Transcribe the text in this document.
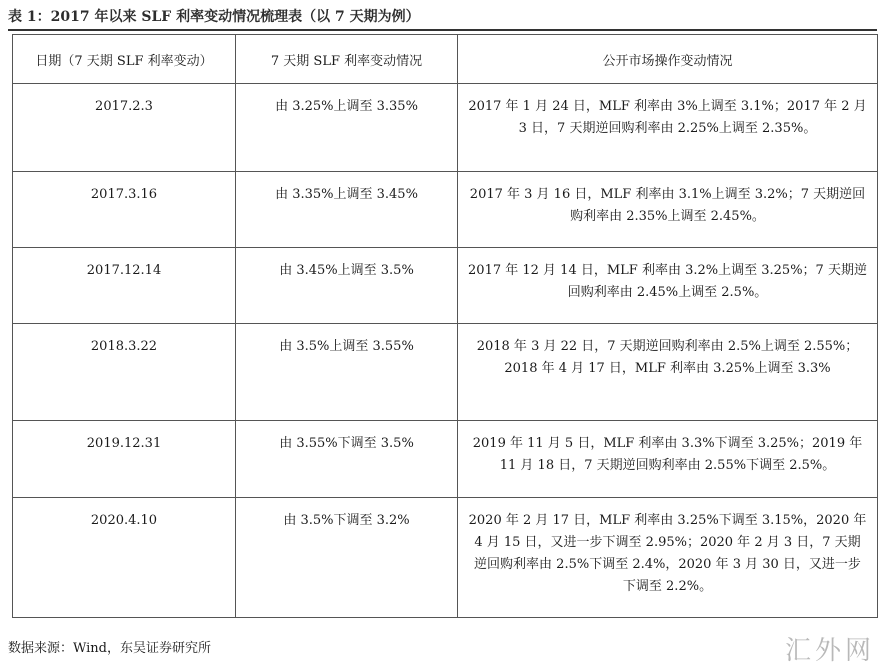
表 1：2017 年以来 SLF 利率变动情况梳理表（以 7 天期为例）
日期（7 天期 SLF 利率变动）	7 天期 SLF 利率变动情况	公开市场操作变动情况

2017.2.3	由 3.25%上调至 3.35%	2017 年 1 月 24 日，MLF 利率由 3%上调至 3.1%；2017 年 2 月 3 日，7 天期逆回购利率由 2.25%上调至 2.35%。

2017.3.16	由 3.35%上调至 3.45%	2017 年 3 月 16 日，MLF 利率由 3.1%上调至 3.2%；7 天期逆回购利率由 2.35%上调至 2.45%。

2017.12.14	由 3.45%上调至 3.5%	2017 年 12 月 14 日，MLF 利率由 3.2%上调至 3.25%；7 天期逆回购利率由 2.45%上调至 2.5%。

2018.3.22	由 3.5%上调至 3.55%	2018 年 3 月 22 日，7 天期逆回购利率由 2.5%上调至 2.55%；2018 年 4 月 17 日，MLF 利率由 3.25%上调至 3.3%

2019.12.31	由 3.55%下调至 3.5%	2019 年 11 月 5 日，MLF 利率由 3.3%下调至 3.25%；2019 年 11 月 18 日，7 天期逆回购利率由 2.55%下调至 2.5%。

2020.4.10	由 3.5%下调至 3.2%	2020 年 2 月 17 日，MLF 利率由 3.25%下调至 3.15%，2020 年 4 月 15 日，又进一步下调至 2.95%；2020 年 2 月 3 日，7 天期逆回购利率由 2.5%下调至 2.4%，2020 年 3 月 30 日，又进一步下调至 2.2%。
数据来源：Wind，东吴证券研究所	汇外网
